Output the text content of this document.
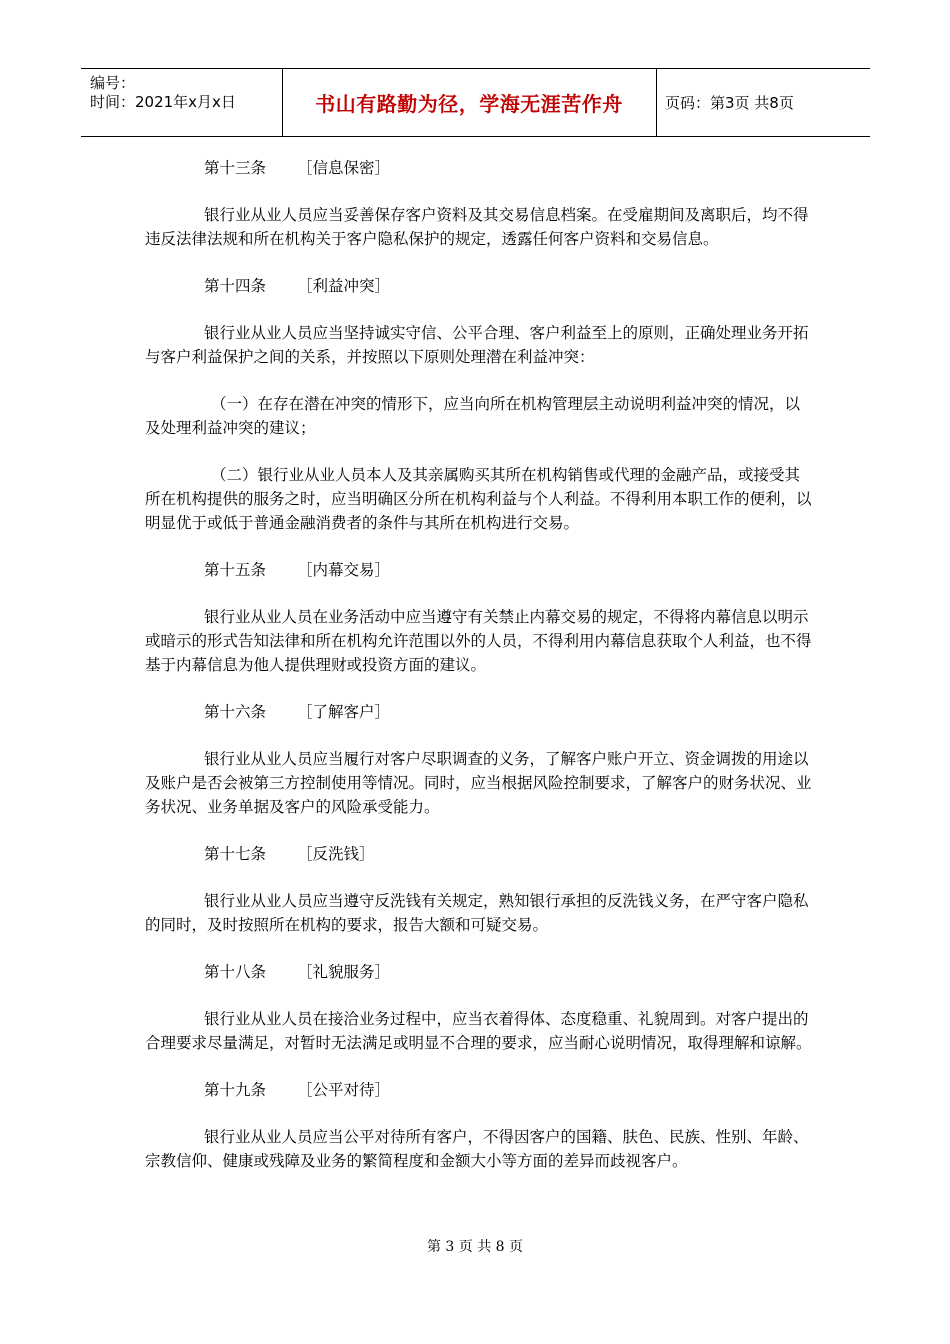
编号：
时间：2021年x月x日	书山有路勤为径，学海无涯苦作舟	页码：第3页 共8页
第十三条 ［信息保密］
银行业从业人员应当妥善保存客户资料及其交易信息档案。在受雇期间及离职后，均不得违反法律法规和所在机构关于客户隐私保护的规定，透露任何客户资料和交易信息。
第十四条 ［利益冲突］
银行业从业人员应当坚持诚实守信、公平合理、客户利益至上的原则，正确处理业务开拓与客户利益保护之间的关系，并按照以下原则处理潜在利益冲突：
（一）在存在潜在冲突的情形下，应当向所在机构管理层主动说明利益冲突的情况，以及处理利益冲突的建议；
（二）银行业从业人员本人及其亲属购买其所在机构销售或代理的金融产品，或接受其所在机构提供的服务之时，应当明确区分所在机构利益与个人利益。不得利用本职工作的便利，以明显优于或低于普通金融消费者的条件与其所在机构进行交易。
第十五条 ［内幕交易］
银行业从业人员在业务活动中应当遵守有关禁止内幕交易的规定，不得将内幕信息以明示或暗示的形式告知法律和所在机构允许范围以外的人员，不得利用内幕信息获取个人利益，也不得基于内幕信息为他人提供理财或投资方面的建议。
第十六条 ［了解客户］
银行业从业人员应当履行对客户尽职调查的义务，了解客户账户开立、资金调拨的用途以及账户是否会被第三方控制使用等情况。同时，应当根据风险控制要求，了解客户的财务状况、业务状况、业务单据及客户的风险承受能力。
第十七条 ［反洗钱］
银行业从业人员应当遵守反洗钱有关规定，熟知银行承担的反洗钱义务，在严守客户隐私的同时，及时按照所在机构的要求，报告大额和可疑交易。
第十八条 ［礼貌服务］
银行业从业人员在接洽业务过程中，应当衣着得体、态度稳重、礼貌周到。对客户提出的合理要求尽量满足，对暂时无法满足或明显不合理的要求，应当耐心说明情况，取得理解和谅解。
第十九条 ［公平对待］
银行业从业人员应当公平对待所有客户，不得因客户的国籍、肤色、民族、性别、年龄、宗教信仰、健康或残障及业务的繁简程度和金额大小等方面的差异而歧视客户。
第 3 页 共 8 页
